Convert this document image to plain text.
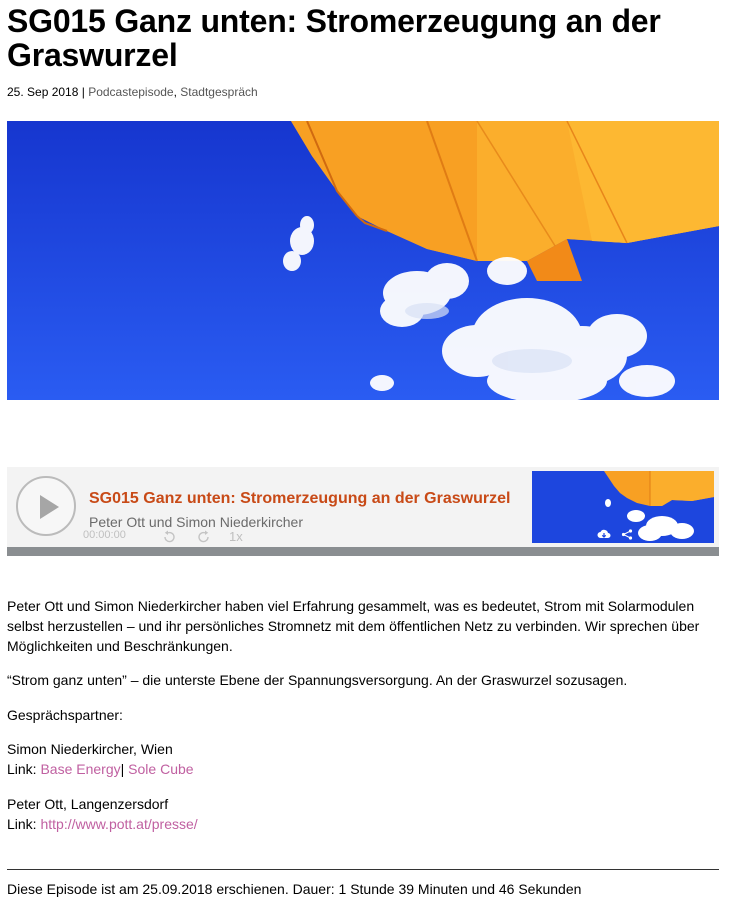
SG015 Ganz unten: Stromerzeugung an der Graswurzel
25. Sep 2018 | Podcastepisode, Stadtgespräch
SG015 Ganz unten: Stromerzeugung an der Graswurzel
Peter Ott und Simon Niederkircher
00:00:00	1x

Peter Ott und Simon Niederkircher haben viel Erfahrung gesammelt, was es bedeutet, Strom mit Solarmodulen selbst herzustellen – und ihr persönliches Stromnetz mit dem öffentlichen Netz zu verbinden. Wir sprechen über Möglichkeiten und Beschränkungen.

“Strom ganz unten” – die unterste Ebene der Spannungsversorgung. An der Graswurzel sozusagen.

Gesprächspartner:

Simon Niederkircher, Wien
Link: Base Energy| Sole Cube

Peter Ott, Langenzersdorf
Link: http://www.pott.at/presse/

Diese Episode ist am 25.09.2018 erschienen. Dauer: 1 Stunde 39 Minuten und 46 Sekunden
